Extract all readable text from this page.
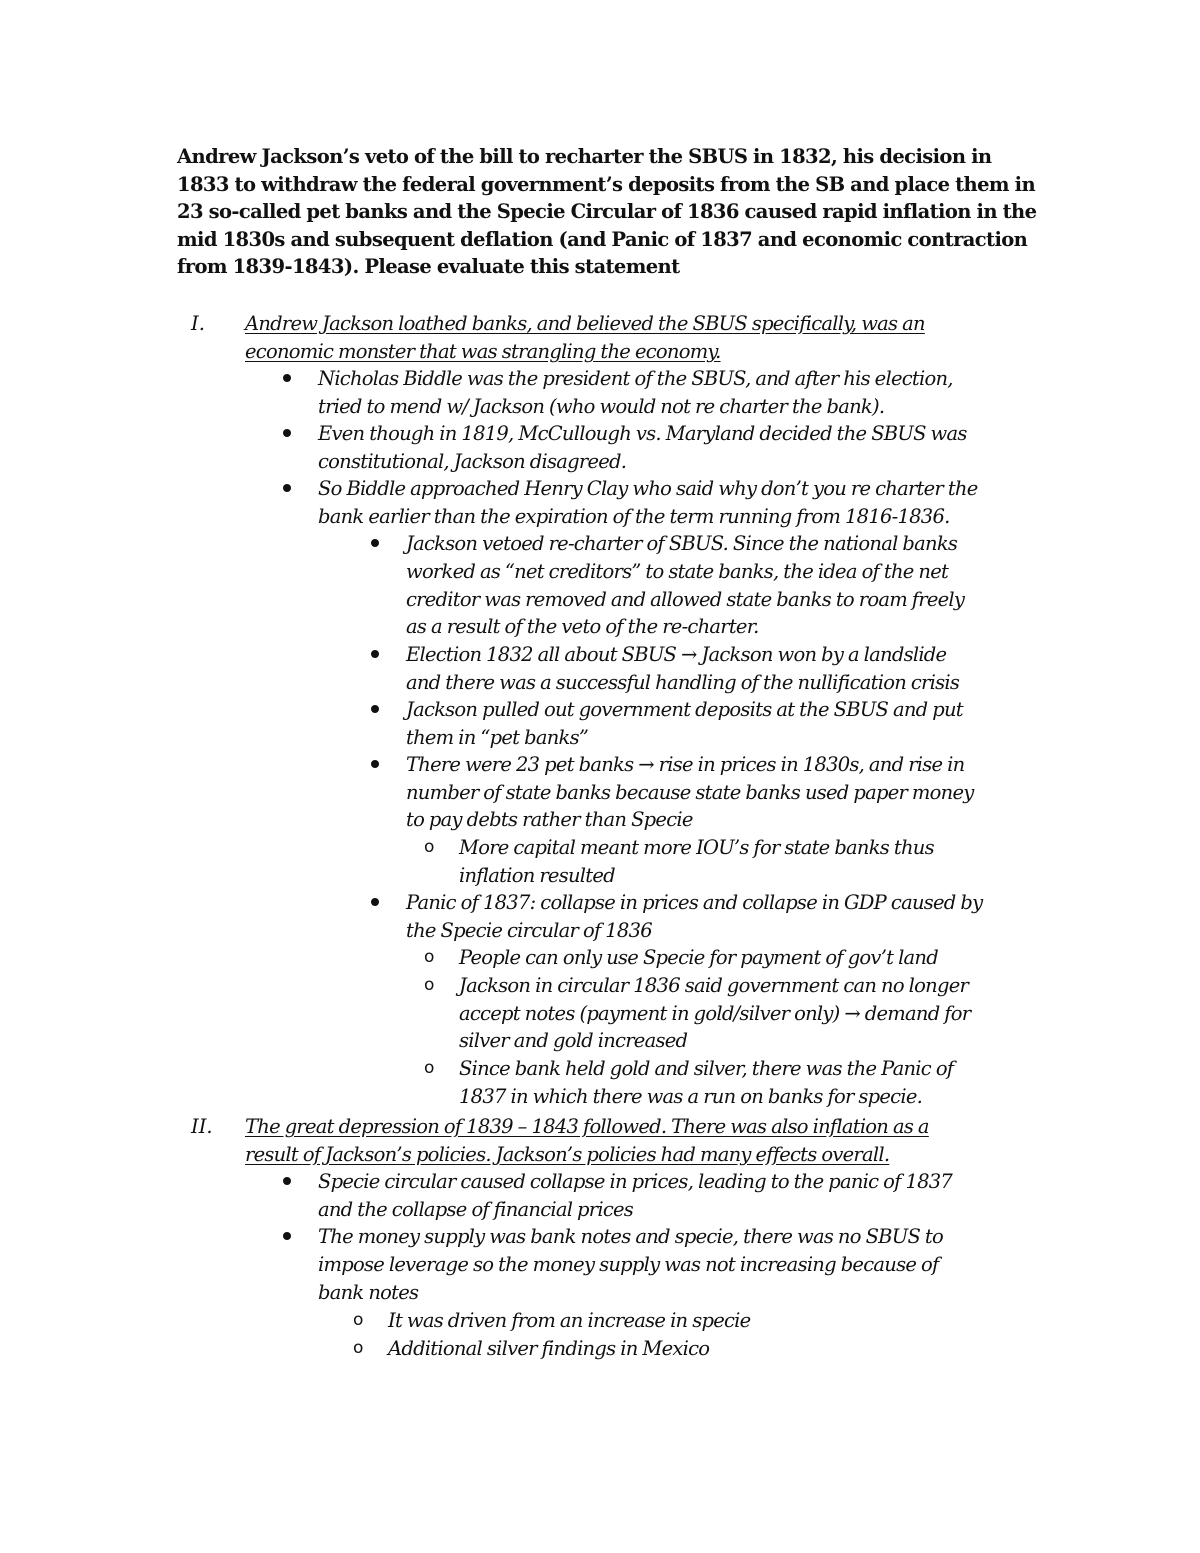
Andrew Jackson’s veto of the bill to recharter the SBUS in 1832, his decision in 1833 to withdraw the federal government’s deposits from the SB and place them in 23 so-called pet banks and the Specie Circular of 1836 caused rapid inflation in the mid 1830s and subsequent deflation (and Panic of 1837 and economic contraction from 1839-1843). Please evaluate this statement

I. Andrew Jackson loathed banks, and believed the SBUS specifically, was an
economic monster that was strangling the economy.
Nicholas Biddle was the president of the SBUS, and after his election,
tried to mend w/ Jackson (who would not re charter the bank).
Even though in 1819, McCullough vs. Maryland decided the SBUS was
constitutional, Jackson disagreed.
So Biddle approached Henry Clay who said why don’t you re charter the
bank earlier than the expiration of the term running from 1816-1836.
Jackson vetoed re-charter of SBUS. Since the national banks
worked as “net creditors” to state banks, the idea of the net
creditor was removed and allowed state banks to roam freely
as a result of the veto of the re-charter.
Election 1832 all about SBUS → Jackson won by a landslide
and there was a successful handling of the nullification crisis
Jackson pulled out government deposits at the SBUS and put
them in “pet banks”
There were 23 pet banks → rise in prices in 1830s, and rise in
number of state banks because state banks used paper money
to pay debts rather than Specie
o More capital meant more IOU’s for state banks thus
inflation resulted
Panic of 1837: collapse in prices and collapse in GDP caused by
the Specie circular of 1836
o People can only use Specie for payment of gov’t land
o Jackson in circular 1836 said government can no longer
accept notes (payment in gold/silver only) → demand for
silver and gold increased
o Since bank held gold and silver, there was the Panic of
1837 in which there was a run on banks for specie.
II. The great depression of 1839 – 1843 followed. There was also inflation as a
result of Jackson’s policies. Jackson’s policies had many effects overall.
Specie circular caused collapse in prices, leading to the panic of 1837
and the collapse of financial prices
The money supply was bank notes and specie, there was no SBUS to
impose leverage so the money supply was not increasing because of
bank notes
o It was driven from an increase in specie
o Additional silver findings in Mexico
